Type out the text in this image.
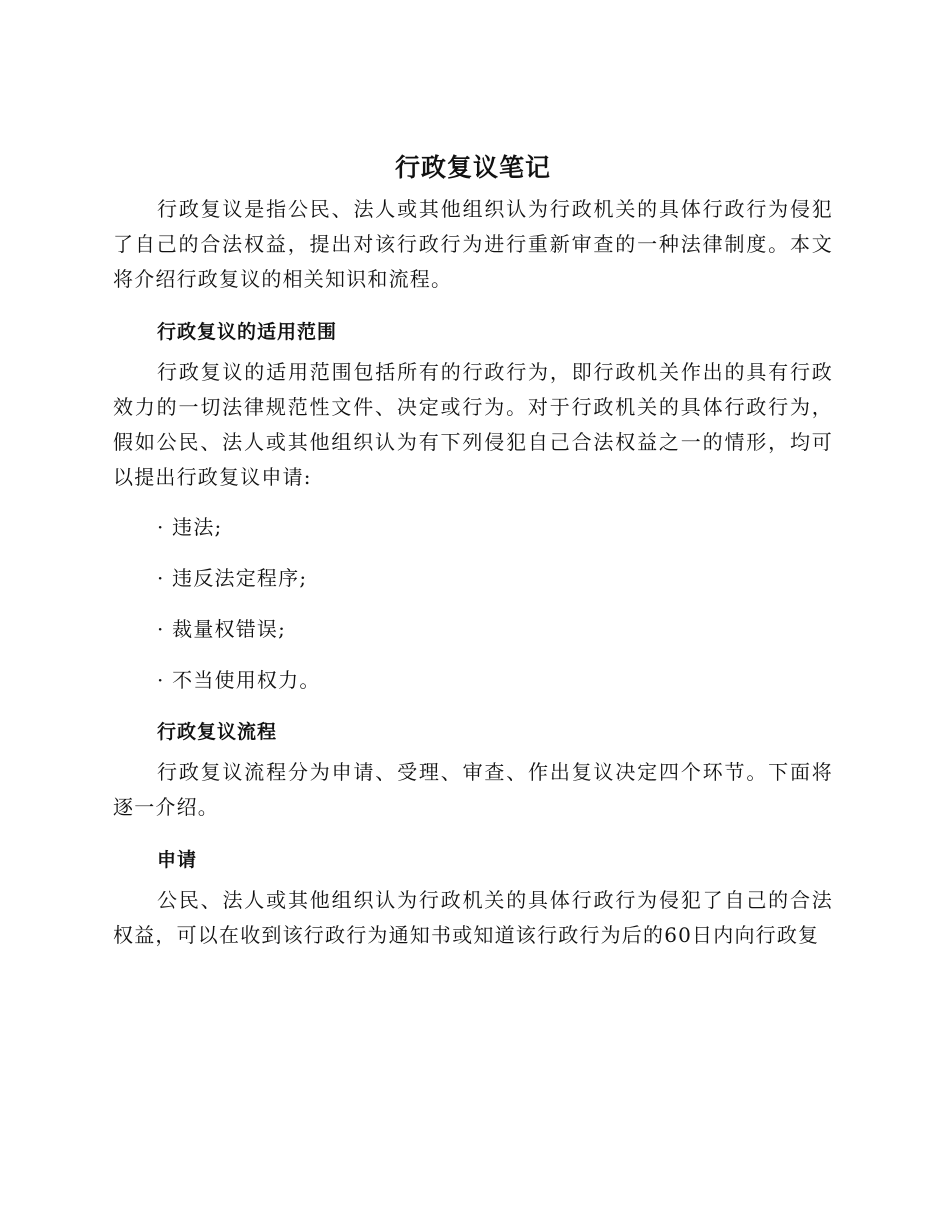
行政复议笔记

行政复议是指公民、法人或其他组织认为行政机关的具体行政行为侵犯了自己的合法权益，提出对该行政行为进行重新审查的一种法律制度。本文将介绍行政复议的相关知识和流程。

行政复议的适用范围

行政复议的适用范围包括所有的行政行为，即行政机关作出的具有行政效力的一切法律规范性文件、决定或行为。对于行政机关的具体行政行为，假如公民、法人或其他组织认为有下列侵犯自己合法权益之一的情形，均可以提出行政复议申请:

· 违法;
· 违反法定程序;
· 裁量权错误;
· 不当使用权力。
行政复议流程

行政复议流程分为申请、受理、审查、作出复议决定四个环节。下面将逐一介绍。

申请

公民、法人或其他组织认为行政机关的具体行政行为侵犯了自己的合法权益，可以在收到该行政行为通知书或知道该行政行为后的60日内向行政复
